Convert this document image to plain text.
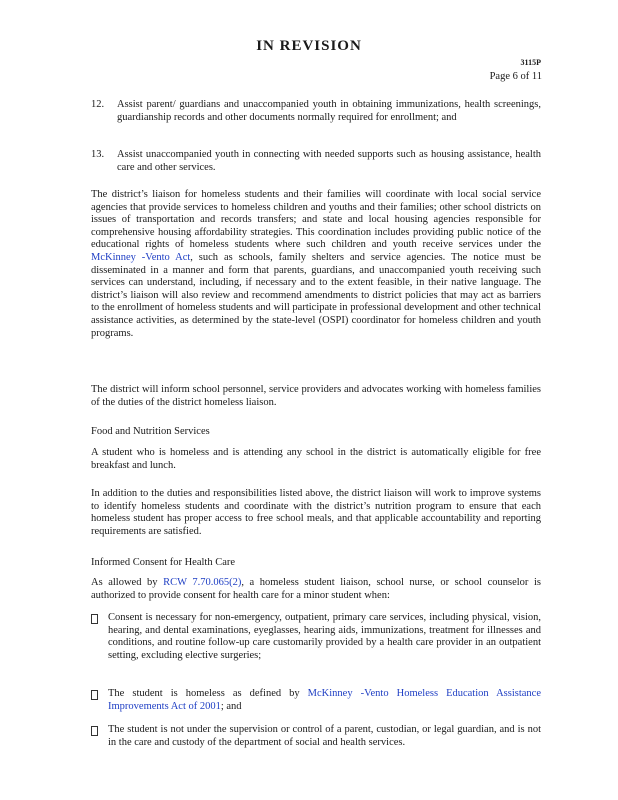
IN REVISION
3115P
Page 6 of 11
12. Assist parent/ guardians and unaccompanied youth in obtaining immunizations, health screenings, guardianship records and other documents normally required for enrollment; and
13. Assist unaccompanied youth in connecting with needed supports such as housing assistance, health care and other services.
The district’s liaison for homeless students and their families will coordinate with local social service agencies that provide services to homeless children and youths and their families; other school districts on issues of transportation and records transfers; and state and local housing agencies responsible for comprehensive housing affordability strategies. This coordination includes providing public notice of the educational rights of homeless students where such children and youth receive services under the McKinney -Vento Act, such as schools, family shelters and service agencies. The notice must be disseminated in a manner and form that parents, guardians, and unaccompanied youth receiving such services can understand, including, if necessary and to the extent feasible, in their native language. The district’s liaison will also review and recommend amendments to district policies that may act as barriers to the enrollment of homeless students and will participate in professional development and other technical assistance activities, as determined by the state-level (OSPI) coordinator for homeless children and youth programs.
The district will inform school personnel, service providers and advocates working with homeless families of the duties of the district homeless liaison.
Food and Nutrition Services
A student who is homeless and is attending any school in the district is automatically eligible for free breakfast and lunch.
In addition to the duties and responsibilities listed above, the district liaison will work to improve systems to identify homeless students and coordinate with the district’s nutrition program to ensure that each homeless student has proper access to free school meals, and that applicable accountability and reporting requirements are satisfied.
Informed Consent for Health Care
As allowed by RCW 7.70.065(2), a homeless student liaison, school nurse, or school counselor is authorized to provide consent for health care for a minor student when:
Consent is necessary for non-emergency, outpatient, primary care services, including physical, vision, hearing, and dental examinations, eyeglasses, hearing aids, immunizations, treatment for illnesses and conditions, and routine follow-up care customarily provided by a health care provider in an outpatient setting, excluding elective surgeries;
The student is homeless as defined by McKinney -Vento Homeless Education Assistance Improvements Act of 2001; and
The student is not under the supervision or control of a parent, custodian, or legal guardian, and is not in the care and custody of the department of social and health services.
